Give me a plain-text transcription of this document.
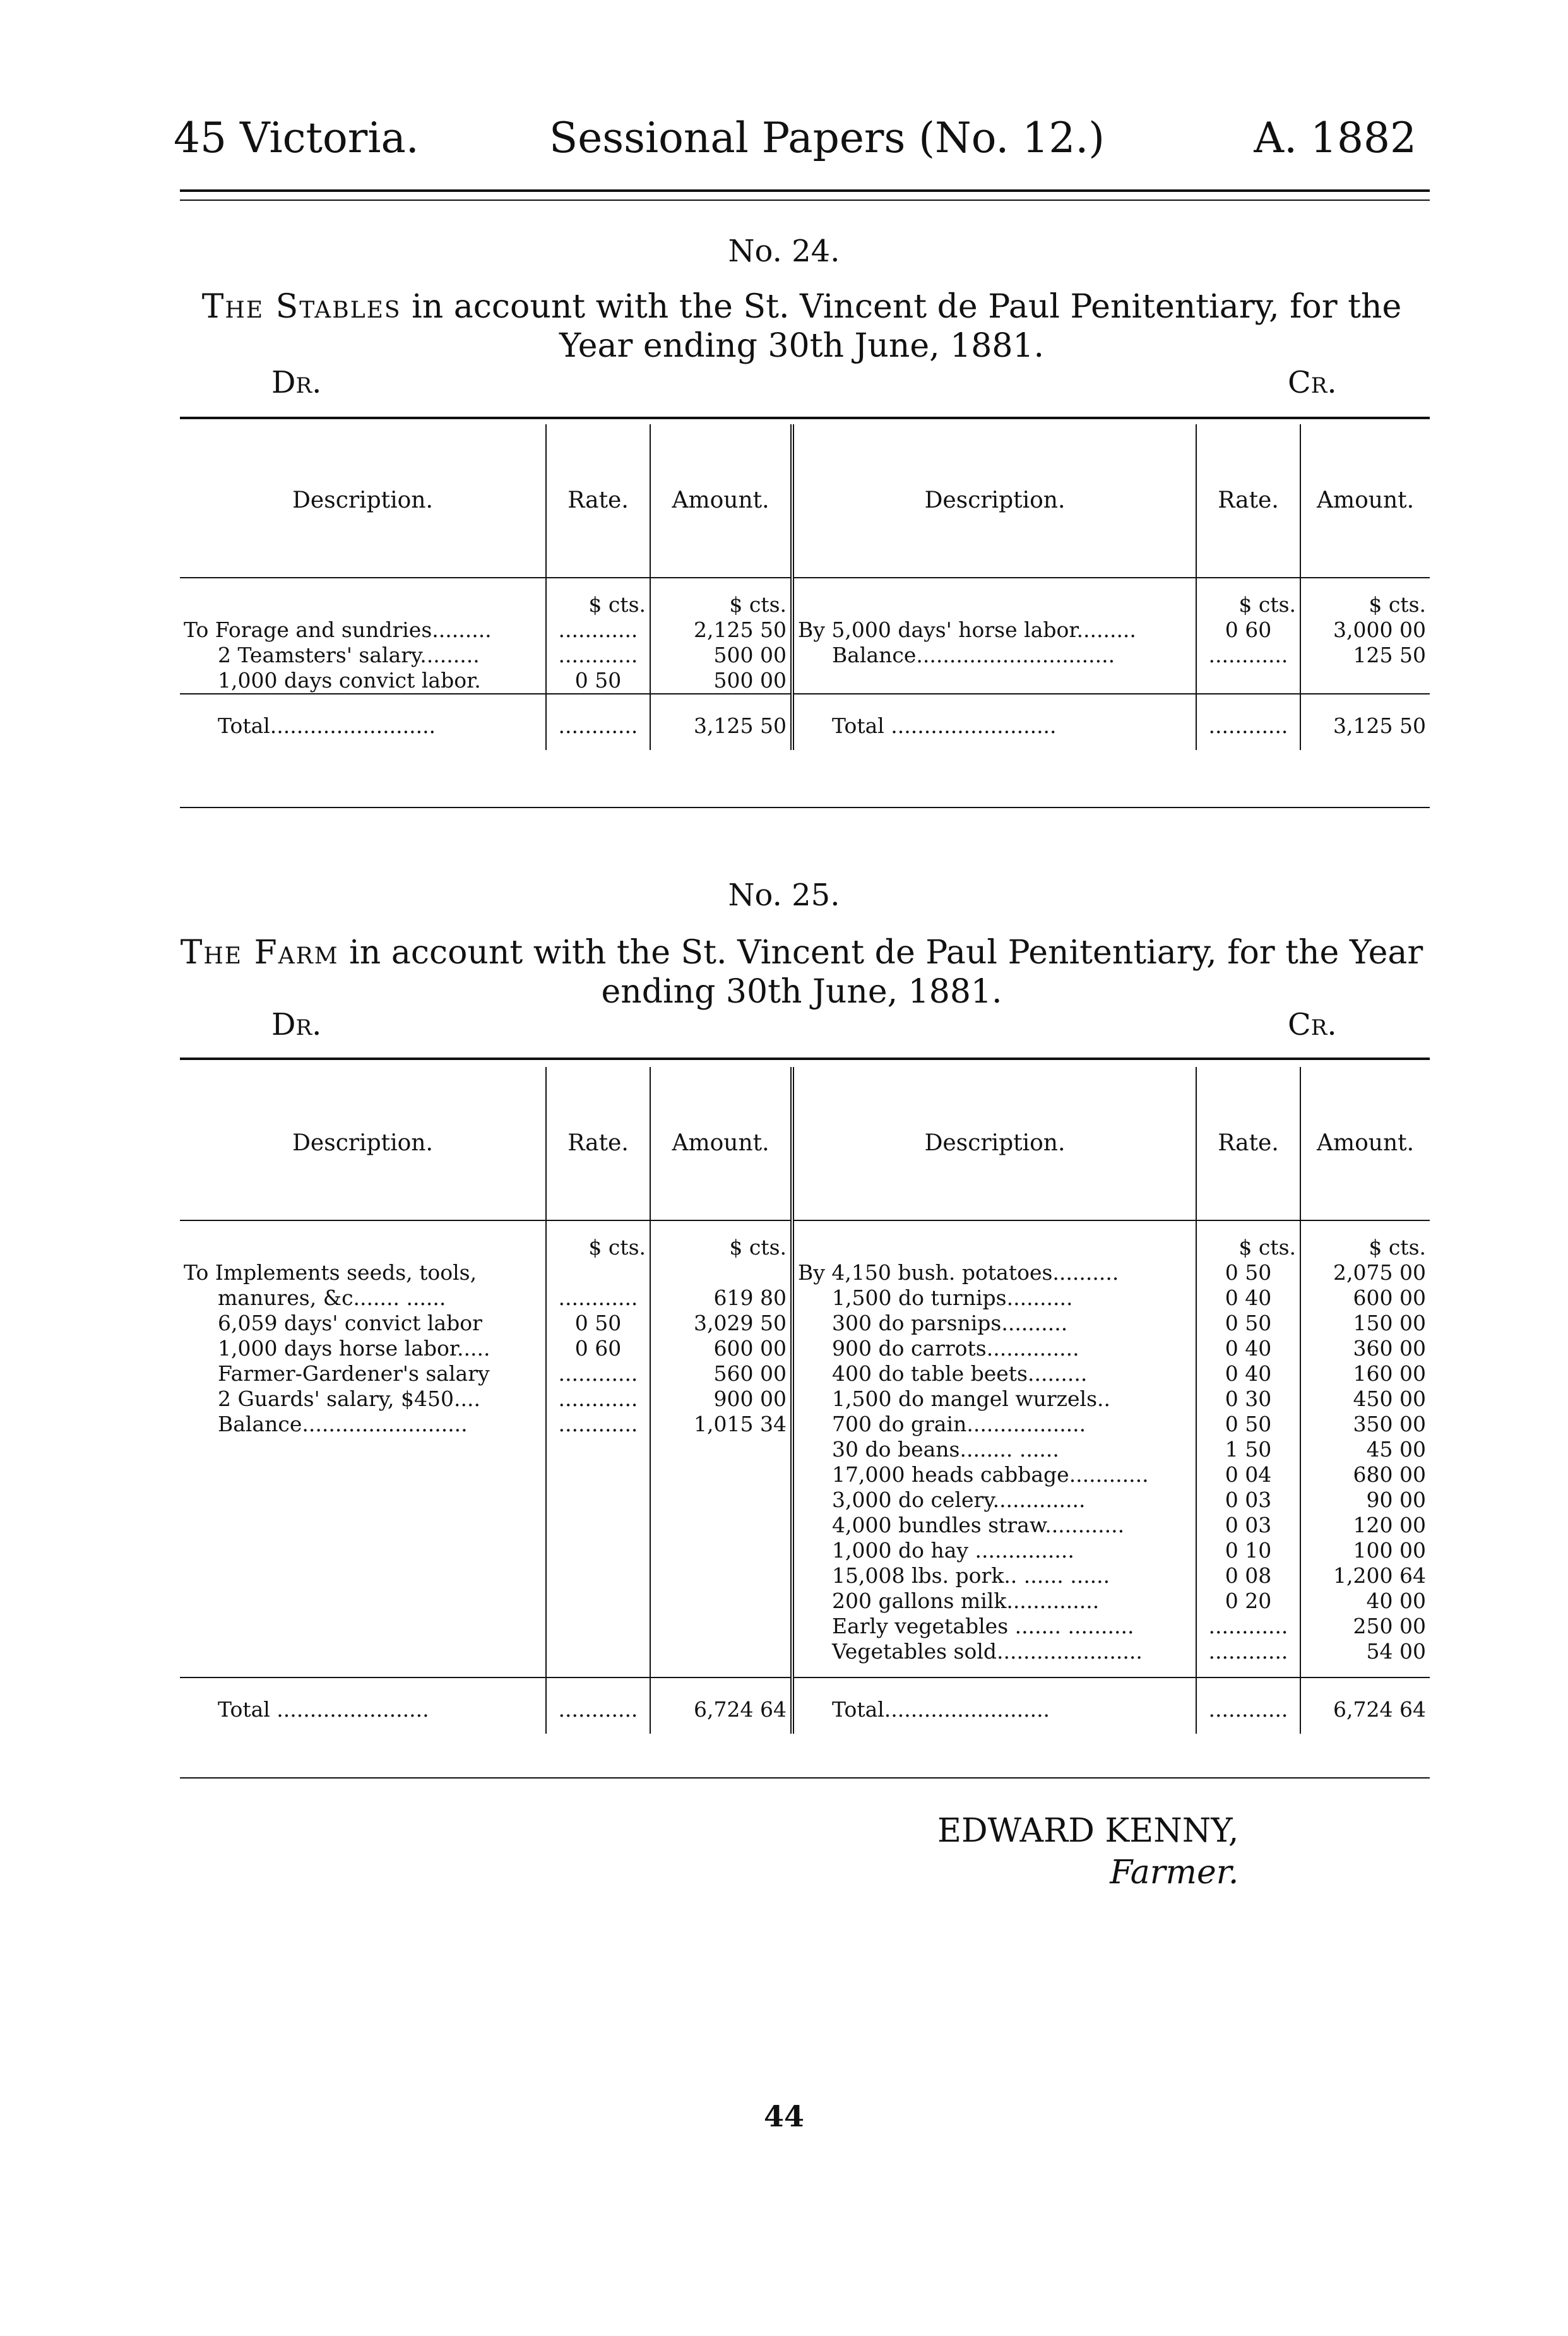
45 Victoria.	Sessional Papers (No. 12.)	A. 1882
No. 24.
The Stables in account with the St. Vincent de Paul Penitentiary, for the Year ending 30th June, 1881.
Dr.	Cr.
Description.	Rate.	Amount.	Description.	Rate.	Amount.
	$ cts.	$ cts.		$ cts.	$ cts.
To Forage and sundries.........	............	2,125 50	By 5,000 days' horse labor.........	0 60	3,000 00
2 Teamsters' salary.........	............	500 00	Balance..............................	............	125 50
1,000 days convict labor.	0 50	500 00			
Total.........................	............	3,125 50	Total .........................	............	3,125 50
No. 25.
The Farm in account with the St. Vincent de Paul Penitentiary, for the Year ending 30th June, 1881.
Dr.	Cr.
Description.	Rate.	Amount.	Description.	Rate.	Amount.
	$ cts.	$ cts.		$ cts.	$ cts.
To Implements seeds, tools,			By 4,150 bush. potatoes..........	0 50	2,075 00
manures, &c....... ......	............	619 80	1,500 do turnips..........	0 40	600 00
6,059 days' convict labor	0 50	3,029 50	300 do parsnips..........	0 50	150 00
1,000 days horse labor.....	0 60	600 00	900 do carrots..............	0 40	360 00
Farmer-Gardener's salary	............	560 00	400 do table beets.........	0 40	160 00
2 Guards' salary, $450....	............	900 00	1,500 do mangel wurzels..	0 30	450 00
Balance.........................	............	1,015 34	700 do grain..................	0 50	350 00
			30 do beans........ ......	1 50	45 00
			17,000 heads cabbage............	0 04	680 00
			3,000 do celery..............	0 03	90 00
			4,000 bundles straw............	0 03	120 00
			1,000 do hay ...............	0 10	100 00
			15,008 lbs. pork.. ...... ......	0 08	1,200 64
			200 gallons milk..............	0 20	40 00
			Early vegetables ....... ..........	............	250 00
			Vegetables sold......................	............	54 00

Total .......................	............	6,724 64	Total.........................	............	6,724 64
EDWARD KENNY,
Farmer.
44
